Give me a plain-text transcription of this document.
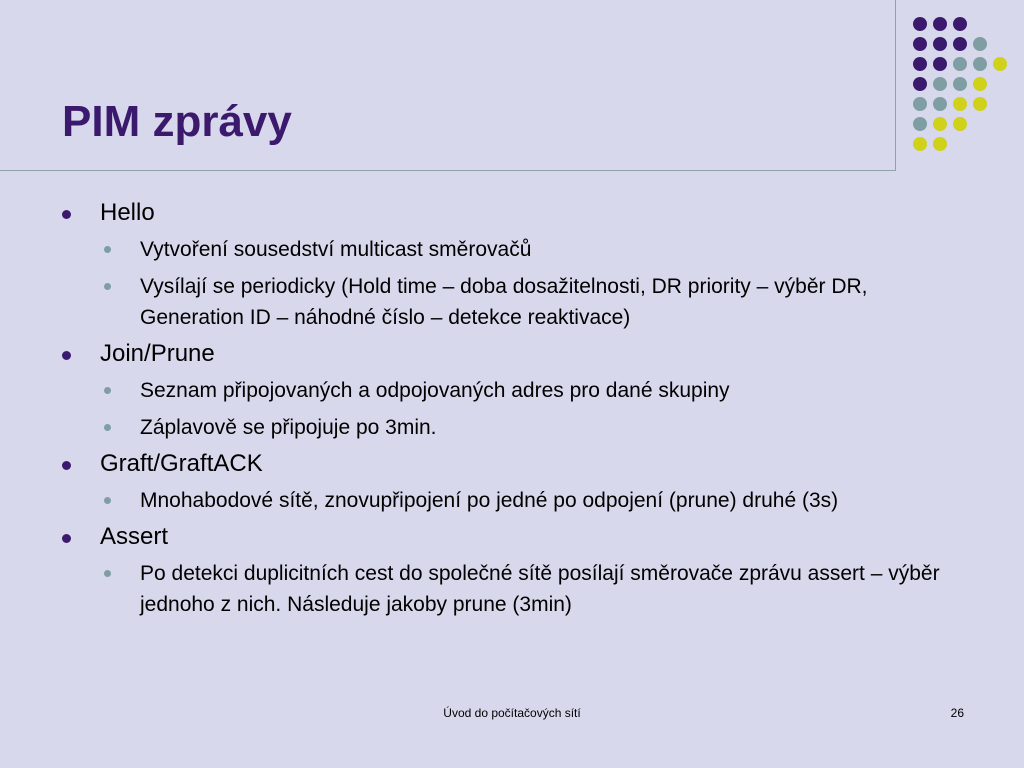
PIM zprávy
Hello
Vytvoření sousedství multicast směrovačů
Vysílají se periodicky (Hold time – doba dosažitelnosti, DR priority – výběr DR, Generation ID – náhodné číslo – detekce reaktivace)
Join/Prune
Seznam připojovaných a odpojovaných adres pro dané skupiny
Záplavově se připojuje po 3min.
Graft/GraftACK
Mnohabodové sítě, znovupřipojení po jedné po odpojení (prune) druhé (3s)
Assert
Po detekci duplicitních cest do společné sítě posílají směrovače zprávu assert – výběr jednoho z nich. Následuje jakoby prune (3min)
Úvod do počítačových sítí	26
